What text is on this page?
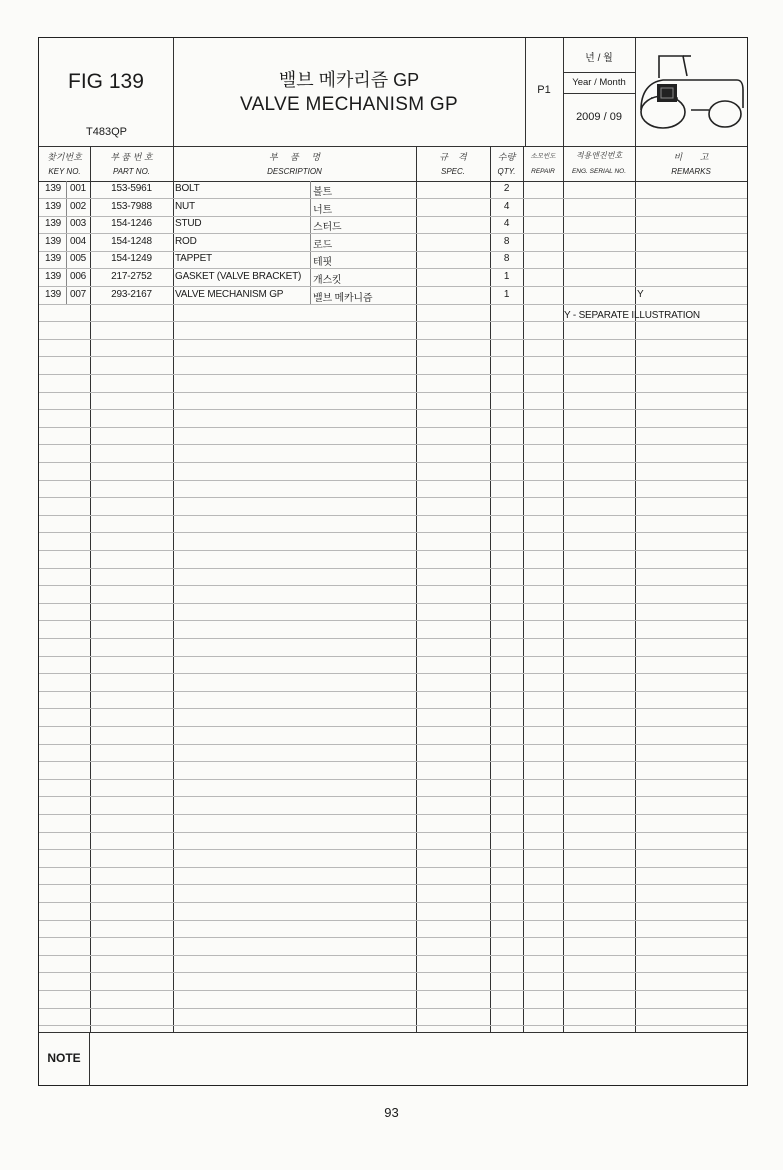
FIG 139
T483QP
밸브 메카리즘 GP
VALVE MECHANISM GP
P1
년 / 월
Year / Month
2009 / 09
찾기번호
KEY NO.
부 품 번 호
PART NO.
부     품     명
DESCRIPTION
규    격
SPEC.
수량
QTY.
소모빈도
REPAIR
적용엔진번호
ENG. SERIAL NO.
비       고
REMARKS
139 001	153-5961	BOLT	볼트	2
139 002	153-7988	NUT	너트	4
139 003	154-1246	STUD	스터드	4
139 004	154-1248	ROD	로드	8
139 005	154-1249	TAPPET	테핏	8
139 006	217-2752	GASKET (VALVE BRACKET)	개스킷	1
139 007	293-2167	VALVE MECHANISM GP	밸브 메카니즘	1	Y
Y - SEPARATE ILLUSTRATION
NOTE
93
